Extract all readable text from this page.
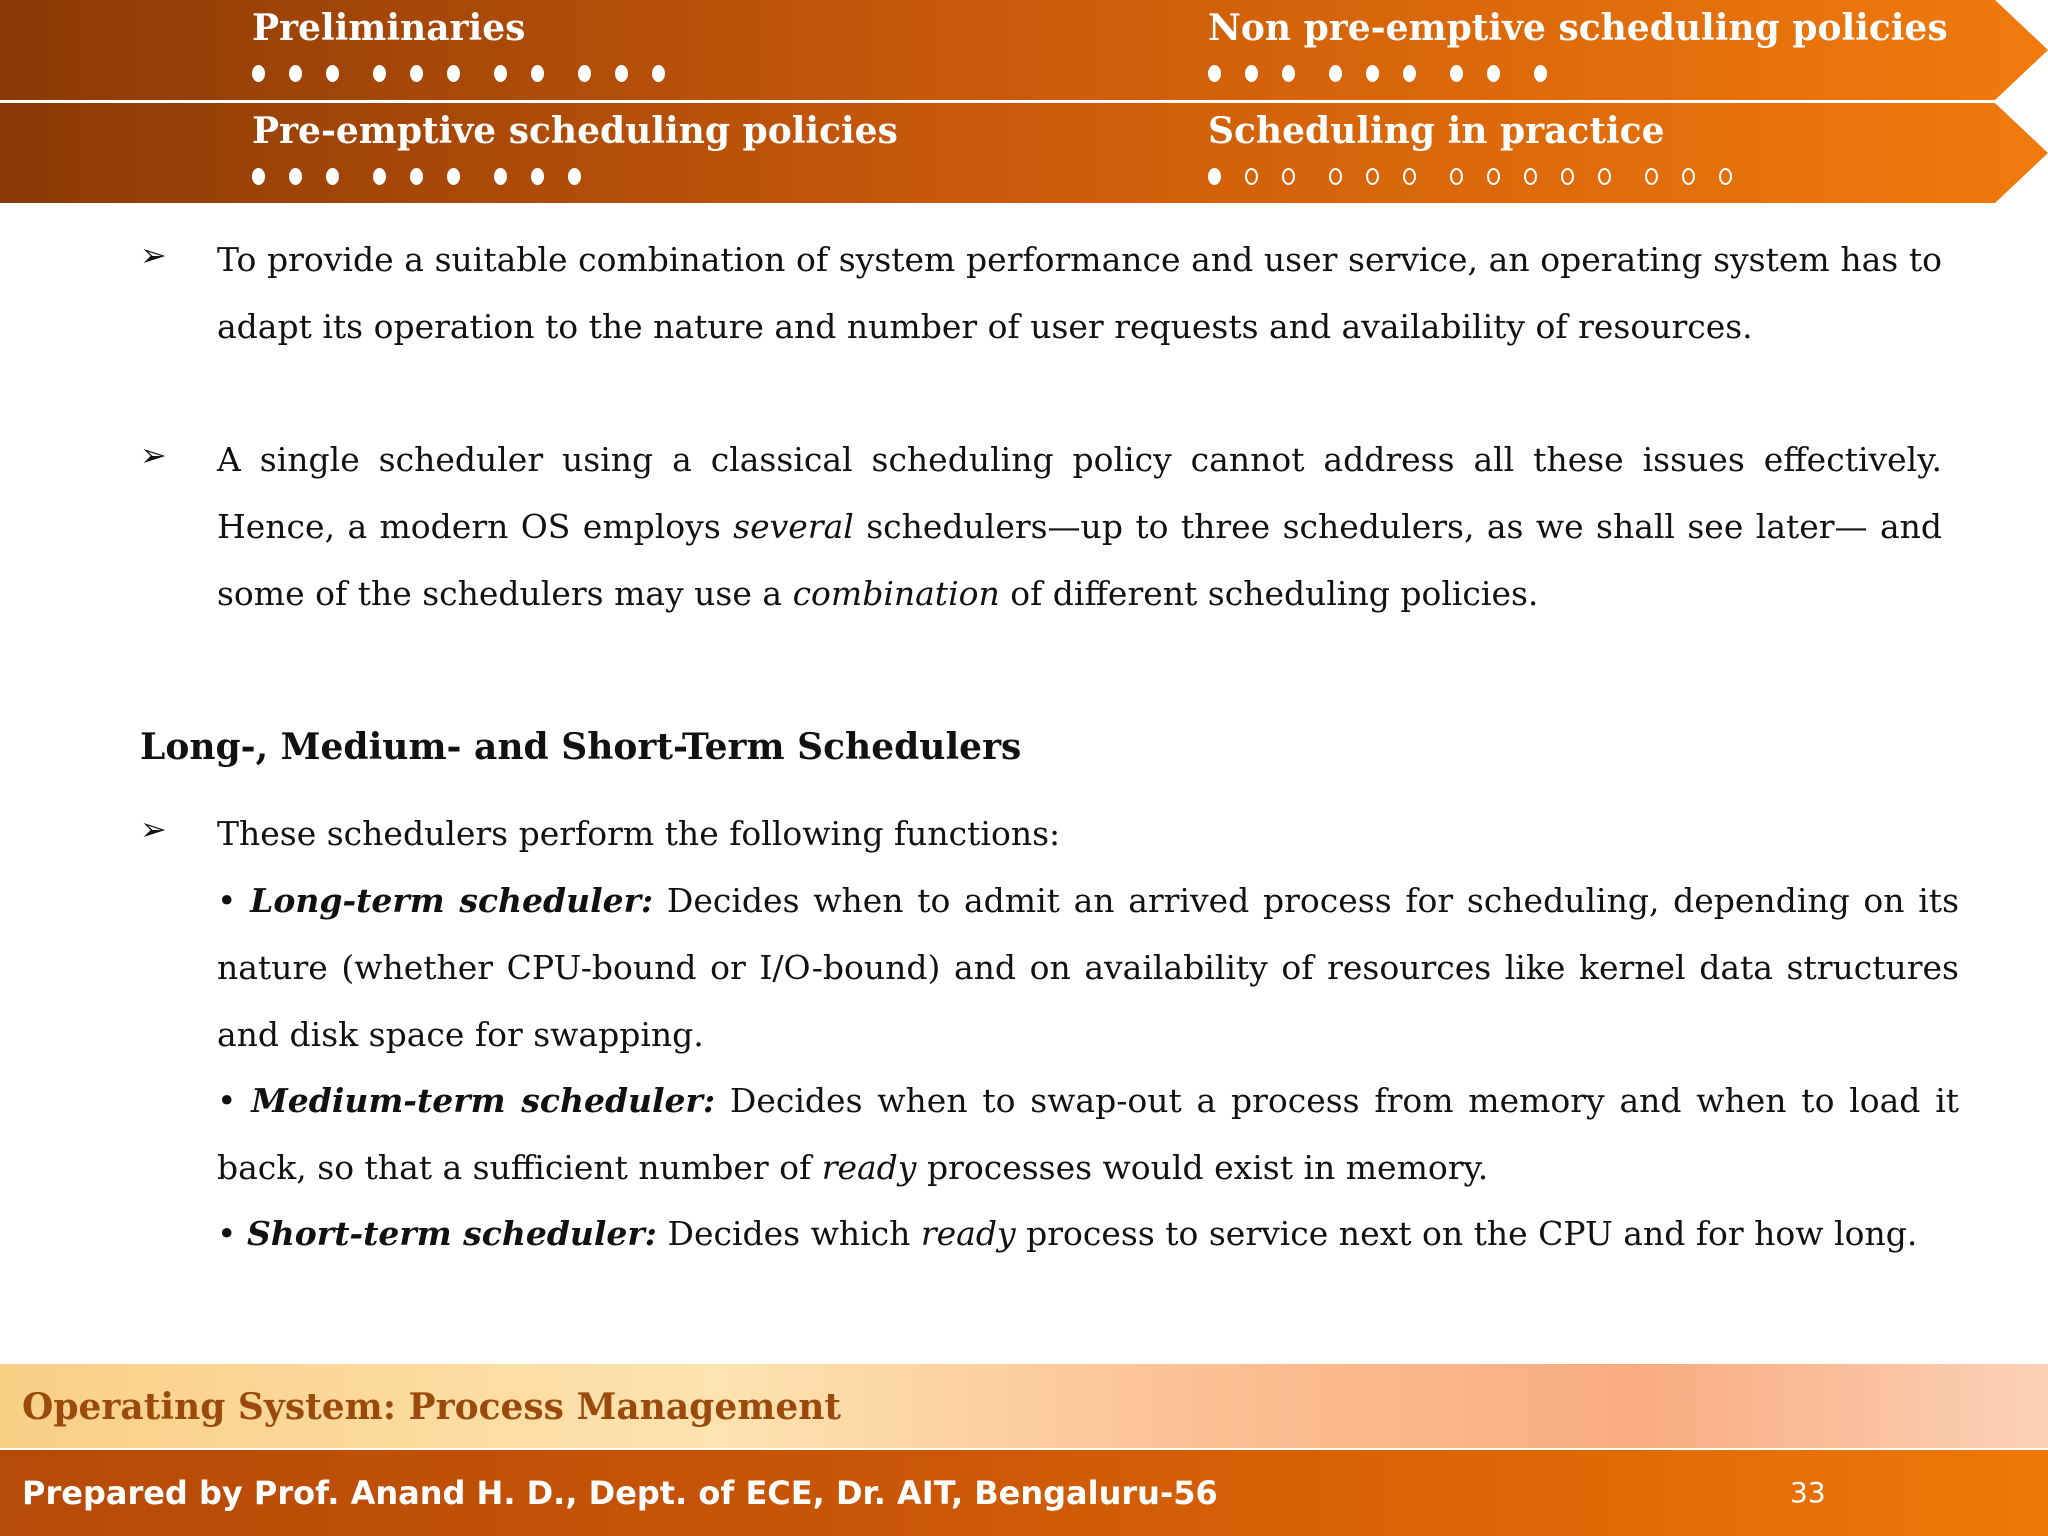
Preliminaries	Non pre-emptive scheduling policies
Pre-emptive scheduling policies	Scheduling in practice
➢ To provide a suitable combination of system performance and user service, an operating system has to adapt its operation to the nature and number of user requests and availability of resources.
➢ A single scheduler using a classical scheduling policy cannot address all these issues effectively. Hence, a modern OS employs several schedulers—up to three schedulers, as we shall see later— and some of the schedulers may use a combination of different scheduling policies.
Long-, Medium- and Short-Term Schedulers
➢ These schedulers perform the following functions:
• Long-term scheduler: Decides when to admit an arrived process for scheduling, depending on its nature (whether CPU-bound or I/O-bound) and on availability of resources like kernel data structures and disk space for swapping.
• Medium-term scheduler: Decides when to swap-out a process from memory and when to load it back, so that a sufficient number of ready processes would exist in memory.
• Short-term scheduler: Decides which ready process to service next on the CPU and for how long.
Operating System: Process Management
Prepared by Prof. Anand H. D., Dept. of ECE, Dr. AIT, Bengaluru-56	33
